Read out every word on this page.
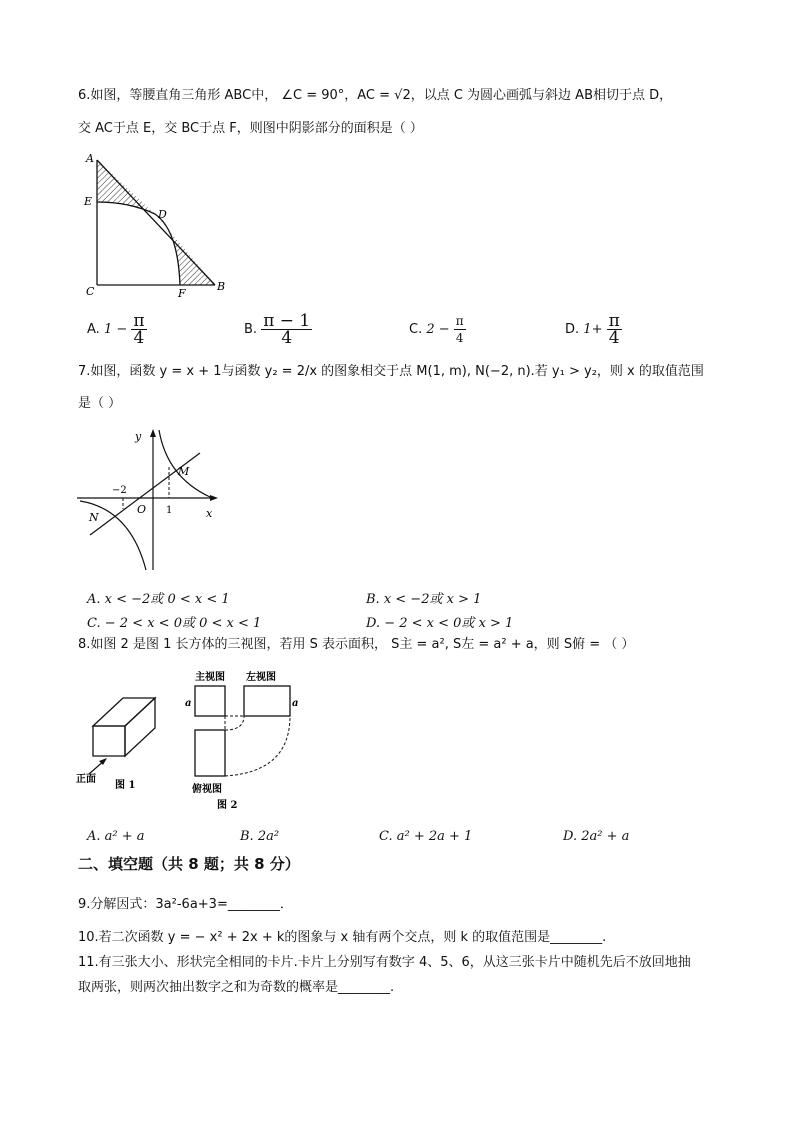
6.如图，等腰直角三角形 ABC中， ∠C = 90°，AC = √2，以点 C 为圆心画弧与斜边 AB相切于点 D，
交 AC于点 E，交 BC于点 F，则图中阴影部分的面积是（ ）
A
E
D
C	F
B
A. $1 - \frac{\pi}{4}$	B. $\frac{\pi - 1}{4}$	C. $2 - \frac{\pi}{4}$	D. $1+ \frac{\pi}{4}$
7.如图，函数 y = x + 1与函数 y₂ = 2/x 的图象相交于点 M(1, m), N(−2, n).若 y₁ > y₂，则 x 的取值范围
是（ ）
y
x
M
N
O
−2
1
A. x < −2或 0 < x < 1	B. x < −2或 x > 1
C. − 2 < x < 0或 0 < x < 1	D. − 2 < x < 0或 x > 1
8.如图 2 是图 1 长方体的三视图，若用 S 表示面积， S主 = a², S左 = a² + a，则 S俯 = （ ）
正面
图 1
主视图 左视图
a	a
俯视图
图 2
A. a² + a	B. 2a²	C. a² + 2a + 1	D. 2a² + a
二、填空题（共 8 题；共 8 分）
9.分解因式：3a²-6a+3=________．
10.若二次函数 y = − x² + 2x + k的图象与 x 轴有两个交点，则 k 的取值范围是________.
11.有三张大小、形状完全相同的卡片.卡片上分别写有数字 4、5、6，从这三张卡片中随机先后不放回地抽
取两张，则两次抽出数字之和为奇数的概率是________.
